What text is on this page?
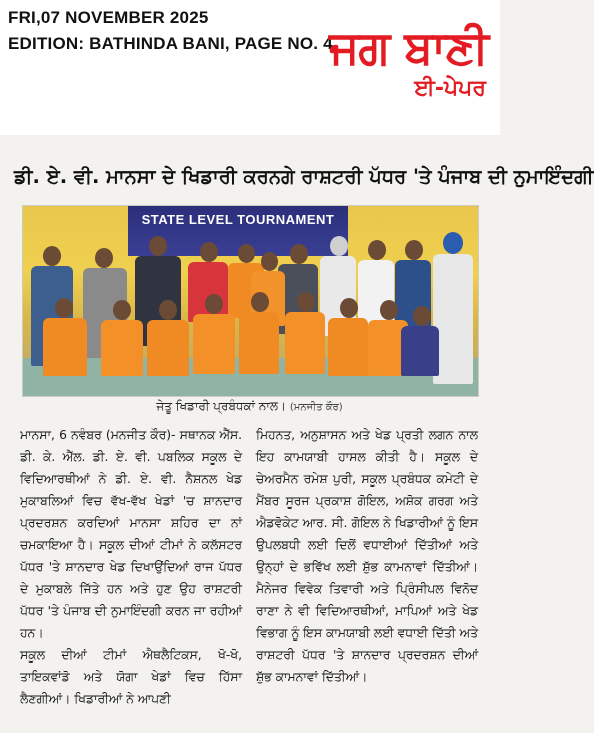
FRI,07 NOVEMBER 2025
EDITION: BATHINDA BANI, PAGE NO. 4
ਜਗ ਬਾਣੀ
ਈ-ਪੇਪਰ
ਡੀ. ਏ. ਵੀ. ਮਾਨਸਾ ਦੇ ਖਿਡਾਰੀ ਕਰਨਗੇ ਰਾਸ਼ਟਰੀ ਪੱਧਰ 'ਤੇ ਪੰਜਾਬ ਦੀ ਨੁਮਾਇੰਦਗੀ
STATE LEVEL TOURNAMENT
ਜੇਤੂ ਖਿਡਾਰੀ ਪ੍ਰਬੰਧਕਾਂ ਨਾਲ। (ਮਨਜੀਤ ਕੌਰ)

ਮਾਨਸਾ, 6 ਨਵੰਬਰ (ਮਨਜੀਤ ਕੌਰ)- ਸਥਾਨਕ ਐੱਸ. ਡੀ. ਕੇ. ਐੱਲ. ਡੀ. ਏ. ਵੀ. ਪਬਲਿਕ ਸਕੂਲ ਦੇ ਵਿਦਿਆਰਥੀਆਂ ਨੇ ਡੀ. ਏ. ਵੀ. ਨੈਸ਼ਨਲ ਖੇਡ ਮੁਕਾਬਲਿਆਂ ਵਿਚ ਵੱਖ-ਵੱਖ ਖੇਡਾਂ 'ਚ ਸ਼ਾਨਦਾਰ ਪ੍ਰਦਰਸ਼ਨ ਕਰਦਿਆਂ ਮਾਨਸਾ ਸ਼ਹਿਰ ਦਾ ਨਾਂ ਚਮਕਾਇਆ ਹੈ। ਸਕੂਲ ਦੀਆਂ ਟੀਮਾਂ ਨੇ ਕਲੱਸਟਰ ਪੱਧਰ 'ਤੇ ਸ਼ਾਨਦਾਰ ਖੇਡ ਦਿਖਾਉਂਦਿਆਂ ਰਾਜ ਪੱਧਰ ਦੇ ਮੁਕਾਬਲੇ ਜਿੱਤੇ ਹਨ ਅਤੇ ਹੁਣ ਉਹ ਰਾਸ਼ਟਰੀ ਪੱਧਰ 'ਤੇ ਪੰਜਾਬ ਦੀ ਨੁਮਾਇੰਦਗੀ ਕਰਨ ਜਾ ਰਹੀਆਂ ਹਨ।

ਸਕੂਲ ਦੀਆਂ ਟੀਮਾਂ ਐਥਲੈਟਿਕਸ, ਖੋ-ਖੋ, ਤਾਇਕਵਾਂਡੋ ਅਤੇ ਯੋਗਾ ਖੇਡਾਂ ਵਿਚ ਹਿੱਸਾ ਲੈਣਗੀਆਂ। ਖਿਡਾਰੀਆਂ ਨੇ ਆਪਣੀ

ਮਿਹਨਤ, ਅਨੁਸ਼ਾਸਨ ਅਤੇ ਖੇਡ ਪ੍ਰਤੀ ਲਗਨ ਨਾਲ ਇਹ ਕਾਮਯਾਬੀ ਹਾਸਲ ਕੀਤੀ ਹੈ। ਸਕੂਲ ਦੇ ਚੇਅਰਮੈਨ ਰਮੇਸ਼ ਪੁਰੀ, ਸਕੂਲ ਪ੍ਰਬੰਧਕ ਕਮੇਟੀ ਦੇ ਮੈਂਬਰ ਸੂਰਜ ਪ੍ਰਕਾਸ਼ ਗੋਇਲ, ਅਸ਼ੋਕ ਗਰਗ ਅਤੇ ਐਡਵੋਕੇਟ ਆਰ. ਸੀ. ਗੋਇਲ ਨੇ ਖਿਡਾਰੀਆਂ ਨੂੰ ਇਸ ਉਪਲਬਧੀ ਲਈ ਦਿਲੋਂ ਵਧਾਈਆਂ ਦਿੱਤੀਆਂ ਅਤੇ ਉਨ੍ਹਾਂ ਦੇ ਭਵਿੱਖ ਲਈ ਸ਼ੁੱਭ ਕਾਮਨਾਵਾਂ ਦਿੱਤੀਆਂ। ਮੈਨੇਜਰ ਵਿਵੇਕ ਤਿਵਾਰੀ ਅਤੇ ਪ੍ਰਿੰਸੀਪਲ ਵਿਨੋਦ ਰਾਣਾ ਨੇ ਵੀ ਵਿਦਿਆਰਥੀਆਂ, ਮਾਪਿਆਂ ਅਤੇ ਖੇਡ ਵਿਭਾਗ ਨੂੰ ਇਸ ਕਾਮਯਾਬੀ ਲਈ ਵਧਾਈ ਦਿੱਤੀ ਅਤੇ ਰਾਸ਼ਟਰੀ ਪੱਧਰ 'ਤੇ ਸ਼ਾਨਦਾਰ ਪ੍ਰਦਰਸ਼ਨ ਦੀਆਂ ਸ਼ੁੱਭ ਕਾਮਨਾਵਾਂ ਦਿੱਤੀਆਂ।
